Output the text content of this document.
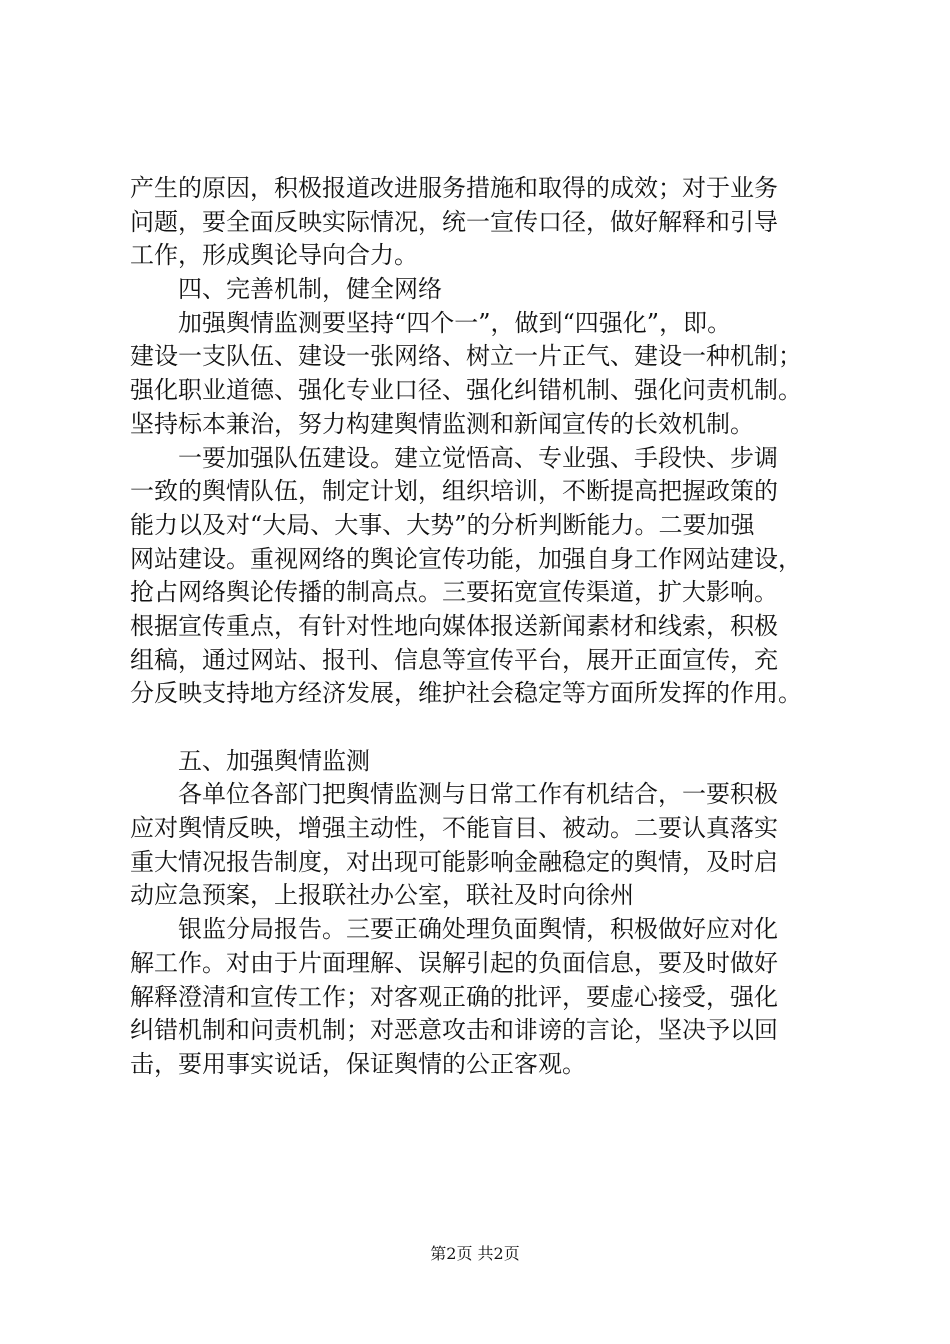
产生的原因，积极报道改进服务措施和取得的成效；对于业务
问题，要全面反映实际情况，统一宣传口径，做好解释和引导
工作，形成舆论导向合力。
四、完善机制，健全网络
加强舆情监测要坚持“四个一”，做到“四强化”，即。
建设一支队伍、建设一张网络、树立一片正气、建设一种机制；
强化职业道德、强化专业口径、强化纠错机制、强化问责机制。
坚持标本兼治，努力构建舆情监测和新闻宣传的长效机制。
一要加强队伍建设。建立觉悟高、专业强、手段快、步调
一致的舆情队伍，制定计划，组织培训，不断提高把握政策的
能力以及对“大局、大事、大势”的分析判断能力。二要加强
网站建设。重视网络的舆论宣传功能，加强自身工作网站建设，
抢占网络舆论传播的制高点。三要拓宽宣传渠道，扩大影响。
根据宣传重点，有针对性地向媒体报送新闻素材和线索，积极
组稿，通过网站、报刊、信息等宣传平台，展开正面宣传，充
分反映支持地方经济发展，维护社会稳定等方面所发挥的作用。
五、加强舆情监测
各单位各部门把舆情监测与日常工作有机结合，一要积极
应对舆情反映，增强主动性，不能盲目、被动。二要认真落实
重大情况报告制度，对出现可能影响金融稳定的舆情，及时启
动应急预案，上报联社办公室，联社及时向徐州
银监分局报告。三要正确处理负面舆情，积极做好应对化
解工作。对由于片面理解、误解引起的负面信息，要及时做好
解释澄清和宣传工作；对客观正确的批评，要虚心接受，强化
纠错机制和问责机制；对恶意攻击和诽谤的言论，坚决予以回
击，要用事实说话，保证舆情的公正客观。
第2页 共2页
